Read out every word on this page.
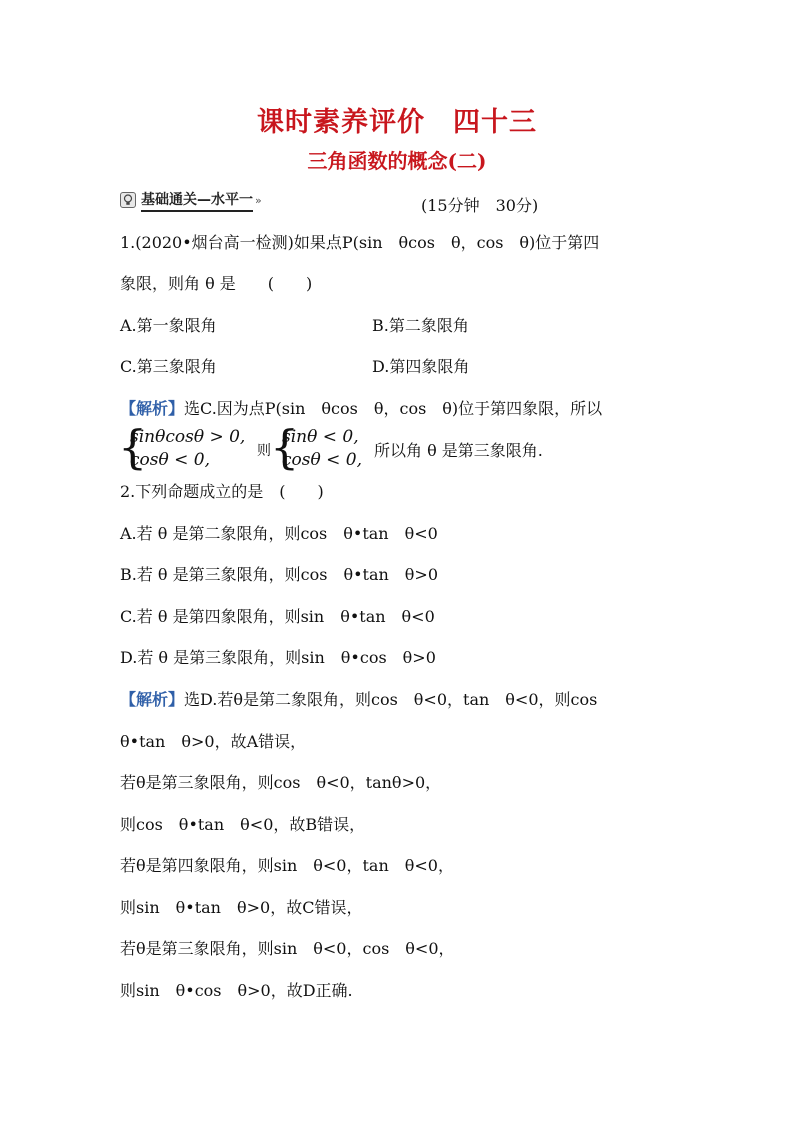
课时素养评价　四十三
三角函数的概念(二)
基础通关—水平一 »	(15分钟　30分)
1.(2020•烟台高一检测)如果点P(sin　θcos　θ，cos　θ)位于第四
象限，则角 θ 是　　(　　)
A.第一象限角	B.第二象限角
C.第三象限角	D.第四象限角
【解析】选C.因为点P(sin　θcos　θ，cos　θ)位于第四象限，所以
{
sinθcosθ > 0,
cosθ < 0,	则 {
sinθ < 0,
cosθ < 0, 所以角 θ 是第三象限角.
2.下列命题成立的是　(　　)
A.若 θ 是第二象限角，则cos　θ•tan　θ<0
B.若 θ 是第三象限角，则cos　θ•tan　θ>0
C.若 θ 是第四象限角，则sin　θ•tan　θ<0
D.若 θ 是第三象限角，则sin　θ•cos　θ>0
【解析】选D.若θ是第二象限角，则cos　θ<0，tan　θ<0，则cos
θ•tan　θ>0，故A错误，
若θ是第三象限角，则cos　θ<0，tanθ>0，
则cos　θ•tan　θ<0，故B错误，
若θ是第四象限角，则sin　θ<0，tan　θ<0，
则sin　θ•tan　θ>0，故C错误，
若θ是第三象限角，则sin　θ<0，cos　θ<0，
则sin　θ•cos　θ>0，故D正确.
